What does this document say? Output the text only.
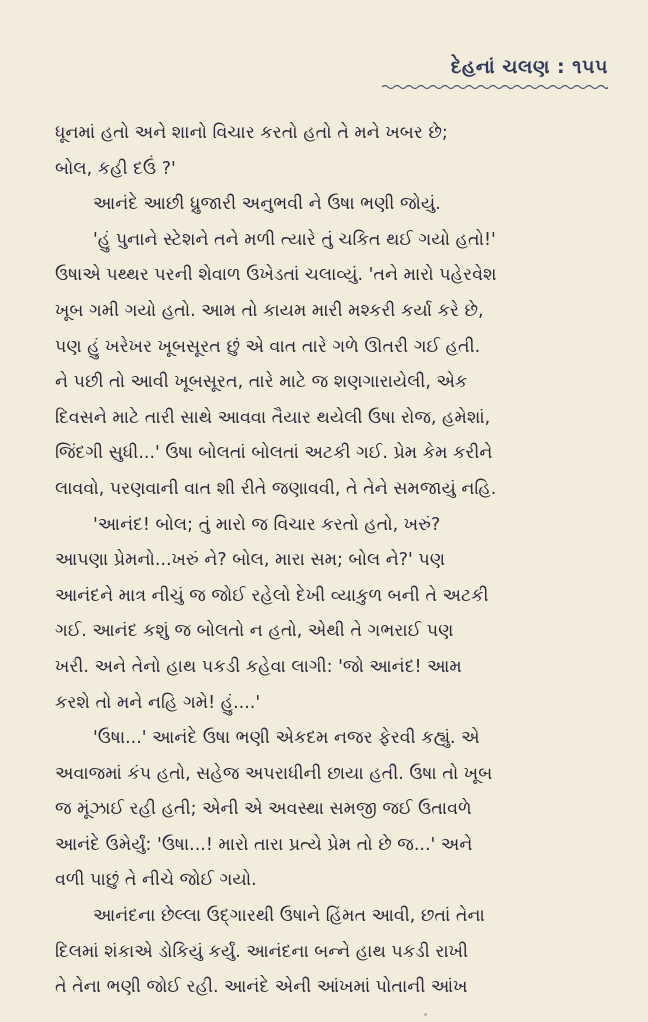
દેહનાં ચલણ : ૧૫૫
ધૂનમાં હતો અને શાનો વિચાર કરતો હતો તે મને ખબર છે;
બોલ, કહી દઉં ?'
આનંદે આછી ધ્રુજારી અનુભવી ને ઉષા ભણી જોયું.
'હું પુનાને સ્ટેશને તને મળી ત્યારે તું ચકિત થઈ ગયો હતો!'
ઉષાએ પથ્થર પરની શેવાળ ઉખેડતાં ચલાવ્યું. 'તને મારો પહેરવેશ
ખૂબ ગમી ગયો હતો. આમ તો કાયમ મારી મશ્કરી કર્યા કરે છે,
પણ હું ખરેખર ખૂબસૂરત છું એ વાત તારે ગળે ઊતરી ગઈ હતી.
ને પછી તો આવી ખૂબસૂરત, તારે માટે જ શણગારાયેલી, એક
દિવસને માટે તારી સાથે આવવા તૈયાર થયેલી ઉષા રોજ, હમેશાં,
જિંદગી સુધી...' ઉષા બોલતાં બોલતાં અટકી ગઈ. પ્રેમ કેમ કરીને
લાવવો, પરણવાની વાત શી રીતે જણાવવી, તે તેને સમજાયું નહિ.
'આનંદ! બોલ; તું મારો જ વિચાર કરતો હતો, ખરું?
આપણા પ્રેમનો...ખરું ને? બોલ, મારા સમ; બોલ ને?' પણ
આનંદને માત્ર નીચું જ જોઈ રહેલો દેખી વ્યાકુળ બની તે અટકી
ગઈ. આનંદ કશું જ બોલતો ન હતો, એથી તે ગભરાઈ પણ
ખરી. અને તેનો હાથ પકડી કહેવા લાગી: 'જો આનંદ! આમ
કરશે તો મને નહિ ગમે! હું....'
'ઉષા...' આનંદે ઉષા ભણી એકદમ નજર ફેરવી કહ્યું. એ
અવાજમાં કંપ હતો, સહેજ અપરાધીની છાયા હતી. ઉષા તો ખૂબ
જ મૂંઝાઈ રહી હતી; એની એ અવસ્થા સમજી જઈ ઉતાવળે
આનંદે ઉમેર્યું: 'ઉષા...! મારો તારા પ્રત્યે પ્રેમ તો છે જ...' અને
વળી પાછું તે નીચે જોઈ ગયો.
આનંદના છેલ્લા ઉદ્ગારથી ઉષાને હિંમત આવી, છતાં તેના
દિલમાં શંકાએ ડોકિયું કર્યું. આનંદના બન્ને હાથ પકડી રાખી
તે તેના ભણી જોઈ રહી. આનંદે એની આંખમાં પોતાની આંખ
